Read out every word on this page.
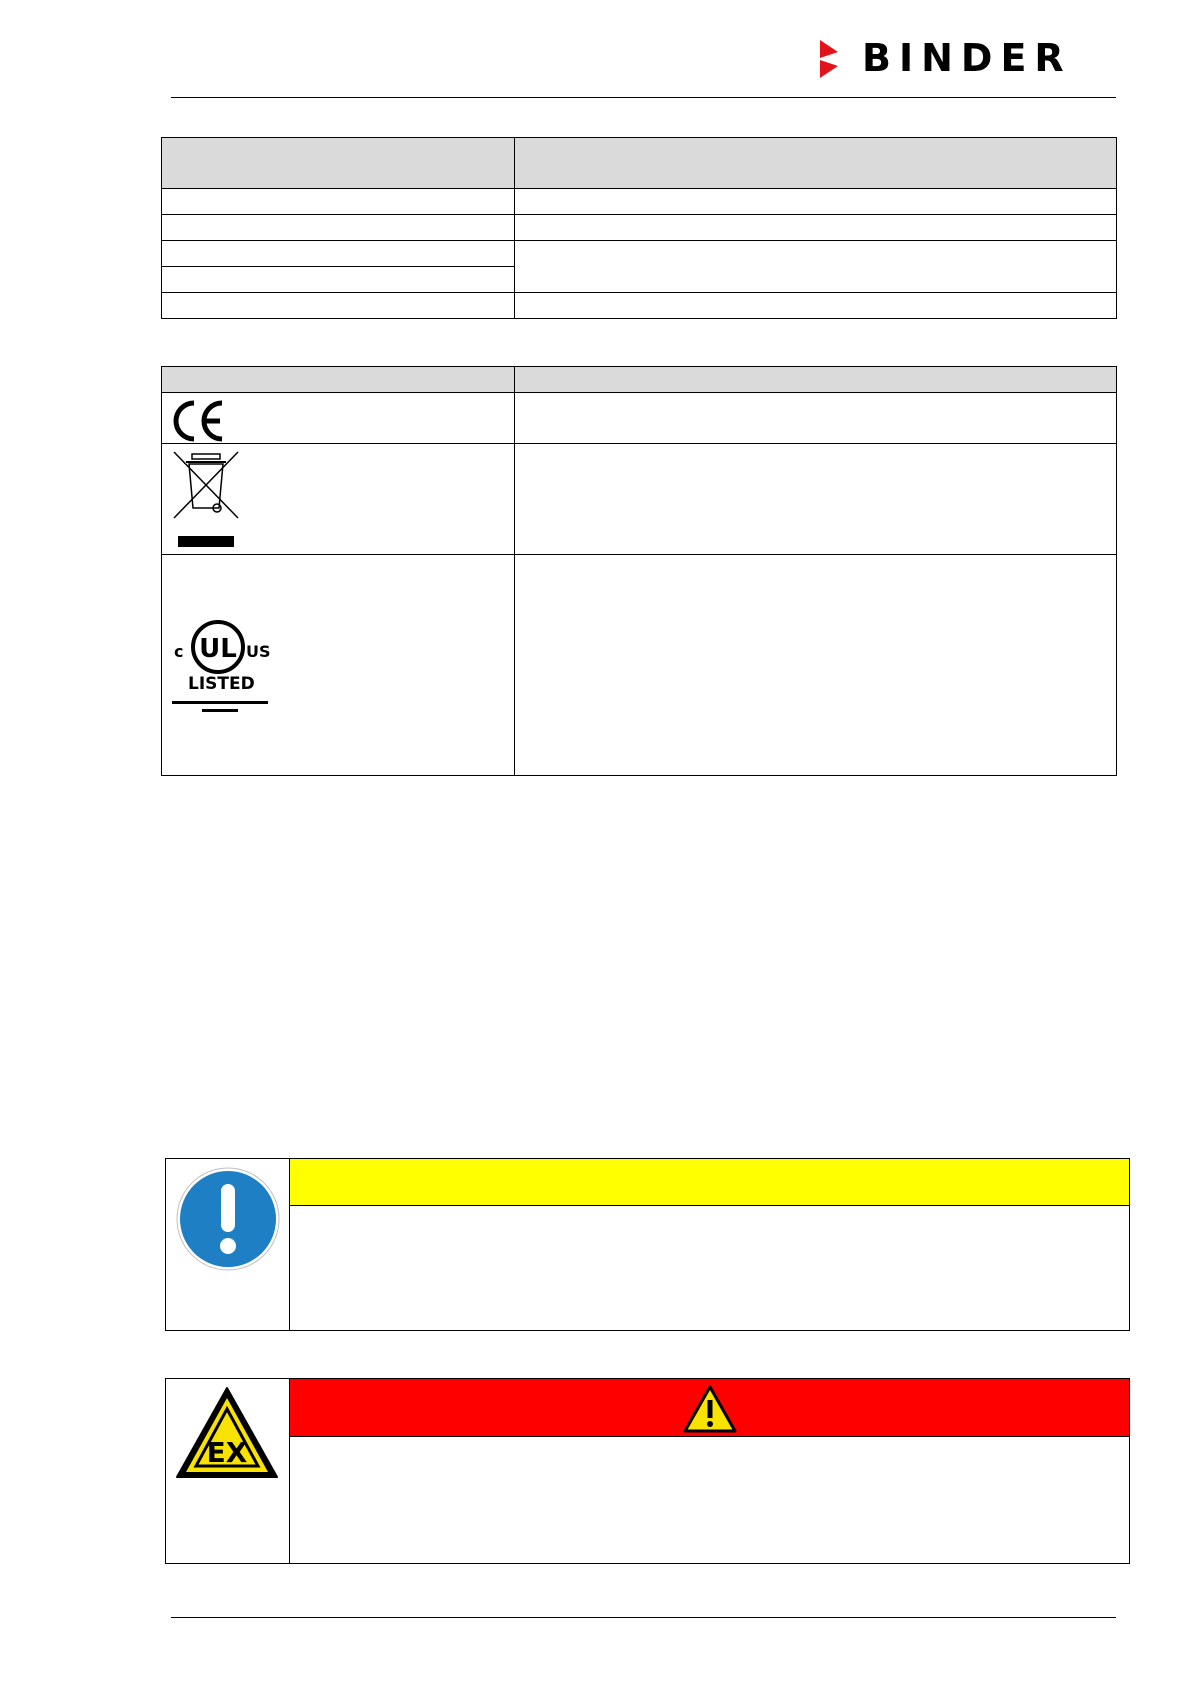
BINDER

UL
c US
LISTED	

EX
